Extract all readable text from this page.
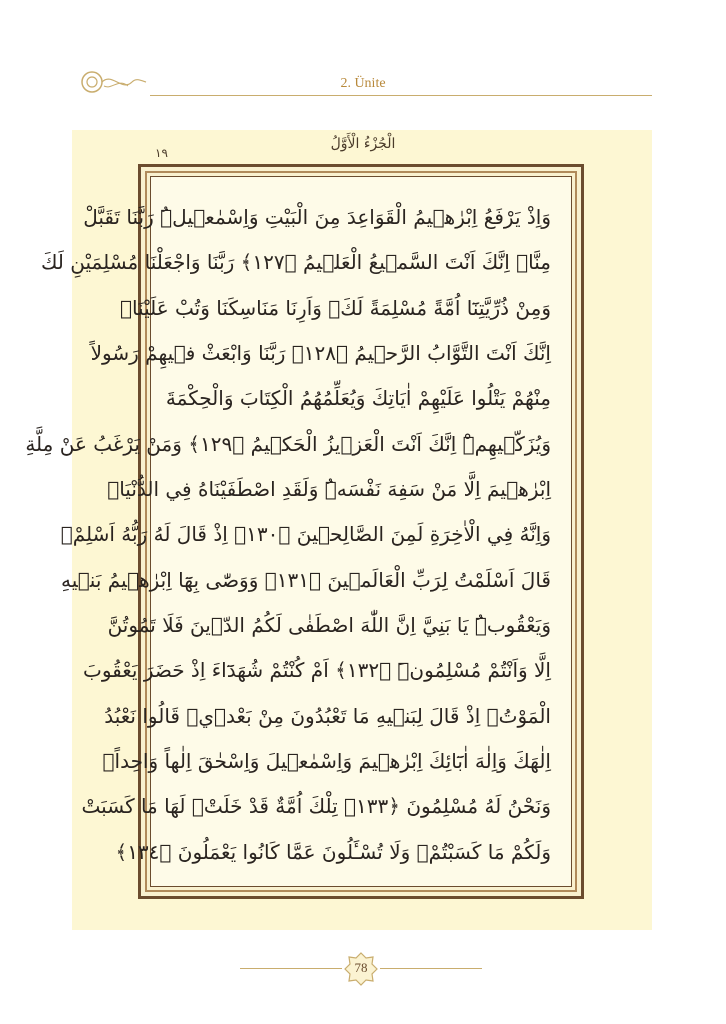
2. Ünite
الْجُزْءُ الْأَوَّلُ
١٩
وَاِذْ يَرْفَعُ اِبْرٰه۪يمُ الْقَوَاعِدَ مِنَ الْبَيْتِ وَاِسْمٰع۪يلُۜ رَبَّنَا تَقَبَّلْ
مِنَّاۜ اِنَّكَ اَنْتَ السَّم۪يعُ الْعَل۪يمُ ﴿١٢٧﴾ رَبَّنَا وَاجْعَلْنَا مُسْلِمَيْنِ لَكَ
وَمِنْ ذُرِّيَّتِنَٓا اُمَّةً مُسْلِمَةً لَكَۖ وَاَرِنَا مَنَاسِكَنَا وَتُبْ عَلَيْنَاۚ
اِنَّكَ اَنْتَ التَّوَّابُ الرَّح۪يمُ ﴿١٢٨﴾ رَبَّنَا وَابْعَثْ ف۪يهِمْ رَسُولاً
مِنْهُمْ يَتْلُوا عَلَيْهِمْ اٰيَاتِكَ وَيُعَلِّمُهُمُ الْكِتَابَ وَالْحِكْمَةَ
وَيُزَكّ۪يهِمْۜ اِنَّكَ اَنْتَ الْعَز۪يزُ الْحَك۪يمُ ﴿١٢٩﴾ وَمَنْ يَرْغَبُ عَنْ مِلَّةِ
اِبْرٰه۪يمَ اِلَّا مَنْ سَفِهَ نَفْسَهُۜ وَلَقَدِ اصْطَفَيْنَاهُ فِي الدُّنْيَاۚ
وَاِنَّهُ فِي الْاٰخِرَةِ لَمِنَ الصَّالِح۪ينَ ﴿١٣٠﴾ اِذْ قَالَ لَهُ رَبُّهُ اَسْلِمْۙ
قَالَ اَسْلَمْتُ لِرَبِّ الْعَالَم۪ينَ ﴿١٣١﴾ وَوَصّٰى بِهَٓا اِبْرٰه۪يمُ بَن۪يهِ
وَيَعْقُوبُۜ يَا بَنِيَّ اِنَّ اللّٰهَ اصْطَفٰى لَكُمُ الدّ۪ينَ فَلَا تَمُوتُنَّ
اِلَّا وَاَنْتُمْ مُسْلِمُونَۜ ﴿١٣٢﴾ اَمْ كُنْتُمْ شُهَدَٓاءَ اِذْ حَضَرَ يَعْقُوبَ
الْمَوْتُۙ اِذْ قَالَ لِبَن۪يهِ مَا تَعْبُدُونَ مِنْ بَعْد۪يۜ قَالُوا نَعْبُدُ
اِلٰهَكَ وَاِلٰهَ اٰبَٓائِكَ اِبْرٰه۪يمَ وَاِسْمٰع۪يلَ وَاِسْحٰقَ اِلٰهاً وَاحِداًۚ
وَنَحْنُ لَهُ مُسْلِمُونَ ﴿١٣٣﴾ تِلْكَ اُمَّةٌ قَدْ خَلَتْۚ لَهَا مَا كَسَبَتْ
وَلَكُمْ مَا كَسَبْتُمْۚ وَلَا تُسْـَٔلُونَ عَمَّا كَانُوا يَعْمَلُونَ ﴿١٣٤﴾
78
